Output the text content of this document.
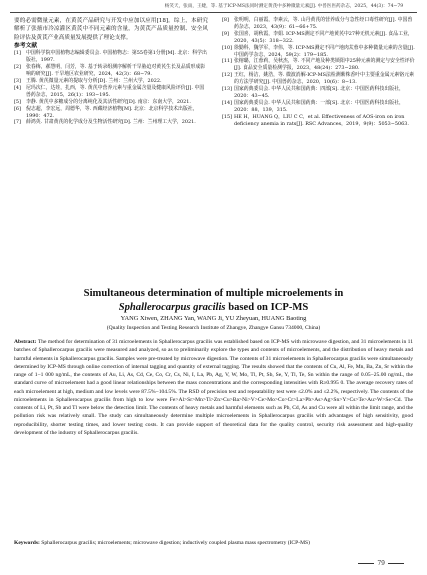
杨笑天，张雨，王婕，等. 基于ICP-MS法同时测定黄芪中多种微量元素[J]. 中兽医医药杂志，2025，44(3)：74−79

要的必需微量元素，在黄芪产品研究与开发中应加以应用[18]。综上，本研究解析了张掖市冷凉灌区黄芪中不同元素的含量，为黄芪产品质量控制、安全风险评估及黄芪产业高质量发展提供了理论支撑。

参考文献

[1]	中国科学院中国植物志编辑委员会. 中国植物志：第55卷第1分册[M]. 北京：科学出版社，1997.
[2]	张春梅，郝慧明，闫芳，等. 基于转录组测序解析干旱胁迫对黄芪生长及品质形成影响的研究[J]. 干旱地区农业研究，2024，42(3)：68−79.
[3]	王腾. 黄芪微量元素的提取与分析[D]. 兰州：兰州大学，2022.
[4]	尼玛次仁，达娃，扎西，等. 黄芪中营养元素与重金属含量及健康风险评价[J]. 中国兽药杂志，2015，26(1)：193−195.
[5]	李静. 黄芪中多糖成分的分离纯化及其活性研究[D]. 南京：东南大学，2021.
[6]	倪志超，李宏远，周德华，等. 西藏经济植物[M]. 北京：北京科学技术出版社，1990：472.
[7]	薛鸿英. 甘肃黄芪的化学成分及生物活性研究[D]. 兰州：兰州理工大学，2021.
[8]	张明明，白丽霞，李素云，等. 山丹黄芪的营养成分与急性经口毒性研究[J]. 中国兽药杂志，2023，43(9)：61−66+75.
[9]	张国喜，胡秋霞，李娟. ICP-MS测定不同产地黄芪中27种无机元素[J]. 食品工业，2020，43(5)：318−322.
[10] 徐勤科，魏学军，李伟，等. ICP-MS测定不同产地肉苁蓉中多种微量元素的含量[J]. 中国药学杂志，2024，59(2)：179−185.
[11] 张榕璐，江蓉莉，吴秋杰，等. 不同产地及种类锁阳中25种元素的测定与安全性评价[J]. 食品安全质量检测学报，2023，48(24)：273−280.
[12] 王红，杨洁，姚浩，等. 微波消解-ICP-MS法检测紫株香叶中主要重金属元素铬元素的方法学研究[J]. 中国兽药杂志，2020，10(6)：8−13.
[13] 国家药典委员会. 中华人民共和国药典：四部[S]. 北京：中国医药科技出版社，2020：43−45.
[14] 国家药典委员会. 中华人民共和国药典：一部[S]. 北京：中国医药科技出版社，2020：88，139，315.
[15] HE H，HUANG Q，LIU C C，et al. Effectiveness of AOS-iron on iron deficiency anemia in rats[J]. RSC Advances，2019，9(9)：5053−5063.
Simultaneous determination of multiple microelements in
Sphallerocarpus gracilis based on ICP-MS

YANG Xiwen, ZHANG Yan, WANG Ji, YU Zheyuan, HUANG Baoting

(Quality Inspection and Testing Research Institute of Zhangye, Zhangye Gansu 734000, China)

Abstract: The method for determination of 31 microelements in Sphallerocarpus gracilis was established based on ICP-MS with microwave digestion, and 31 microelements in 11 batches of Sphallerocarpus gracilis were measured and analyzed, so as to preliminarily explore the types and contents of microelements, and the distribution of heavy metals and harmful elements in Sphallerocarpus gracilis. Samples were pre-treated by microwave digestion. The contents of 31 microelements in Sphallerocarpus gracilis were simultaneously determined by ICP-MS through online correction of internal tagging and quantity of external tagging. The results showed that the contents of Cu, Al, Fe, Mn, Ba, Zn, Sr within the range of 1−1 000 ng/mL, the contents of Au, Li, As, Cd, Ce, Co, Cr, Cs, Ni, I, La, Pb, Ag, V, W, Mo, Tl, Pt, Sb, Se, Y, Tl, Te, Sn within the range of 0.05−25.00 ng/mL, the standard curve of microelement had a good linear relationships between the mass concentrations and the corresponding intensities with R≥0.995 0. The average recovery rates of each microelement at high, medium and low levels were 87.5%−104.5%. The RSD of precision test and repeatability test were ≤2.0% and ≤2.2%, respectively. The contents of the microelements in Sphallerocarpus gracilis from high to low were Fe>Al>Sr>Mn>Ti>Zn>Cu>Ba>Ni>V>Ce>Mo>Co>Cr>La>Pb>As>Ag>Sn>Y>Cs>Te>Au>W>Se>Cd. The contents of Li, Pt, Sb and Tl were below the detection limit. The contents of heavy metals and harmful elements such as Pb, Cd, As and Cu were all within the limit range, and the pollution risk was relatively small. The study can simultaneously determine multiple microelements in Sphallerocarpus gracilis with advantages of high sensitivity, good reproducibility, shorter testing times, and lower testing costs. It can provide support of theoretical data for the quality control, security risk assessment and high-quality development of the industry of Sphallerocarpus gracilis.

Keywords: Sphallerocarpus gracilis; microelements; microwave digestion; inductively coupled plasma mass spectrometry (ICP-MS)

79
